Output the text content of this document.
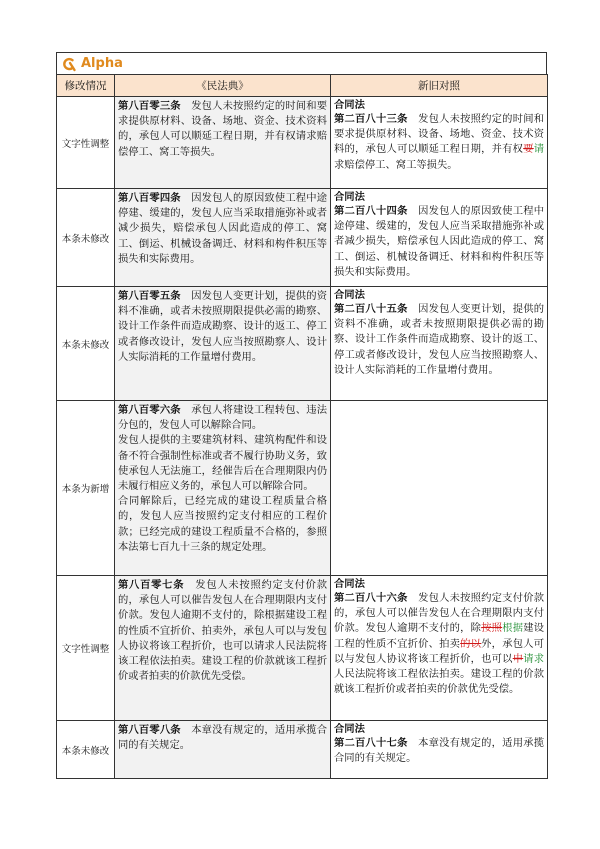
Alpha
修改情况	《民法典》	新旧对照
文字性调整	第八百零三条　 发包人未按照约定的时间和要求提供原材料、设备、场地、资金、技术资料的，承包人可以顺延工程日期，并有权请求赔偿停工、窝工等损失。	合同法
第二百八十三条　 发包人未按照约定的时间和要求提供原材料、设备、场地、资金、技术资料的，承包人可以顺延工程日期，并有权要请求赔偿停工、窝工等损失。

本条未修改	第八百零四条　 因发包人的原因致使工程中途停建、缓建的，发包人应当采取措施弥补或者减少损失，赔偿承包人因此造成的停工、窝工、倒运、机械设备调迁、材料和构件积压等损失和实际费用。	合同法
第二百八十四条　 因发包人的原因致使工程中途停建、缓建的，发包人应当采取措施弥补或者减少损失，赔偿承包人因此造成的停工、窝工、倒运、机械设备调迁、材料和构件积压等损失和实际费用。

本条未修改	第八百零五条　 因发包人变更计划，提供的资料不准确，或者未按照期限提供必需的勘察、设计工作条件而造成勘察、设计的返工、停工或者修改设计，发包人应当按照勘察人、设计人实际消耗的工作量增付费用。	合同法
第二百八十五条　 因发包人变更计划，提供的资料不准确，或者未按照期限提供必需的勘察、设计工作条件而造成勘察、设计的返工、停工或者修改设计，发包人应当按照勘察人、设计人实际消耗的工作量增付费用。

本条为新增	第八百零六条　 承包人将建设工程转包、违法分包的，发包人可以解除合同。
发包人提供的主要建筑材料、建筑构配件和设备不符合强制性标准或者不履行协助义务，致使承包人无法施工，经催告后在合理期限内仍未履行相应义务的，承包人可以解除合同。
合同解除后，已经完成的建设工程质量合格的，发包人应当按照约定支付相应的工程价款；已经完成的建设工程质量不合格的，参照本法第七百九十三条的规定处理。	

文字性调整	第八百零七条　 发包人未按照约定支付价款的，承包人可以催告发包人在合理期限内支付价款。发包人逾期不支付的，除根据建设工程的性质不宜折价、拍卖外，承包人可以与发包人协议将该工程折价，也可以请求人民法院将该工程依法拍卖。建设工程的价款就该工程折价或者拍卖的价款优先受偿。	合同法
第二百八十六条　 发包人未按照约定支付价款的，承包人可以催告发包人在合理期限内支付价款。发包人逾期不支付的，除按照根据建设工程的性质不宜折价、拍卖的以外，承包人可以与发包人协议将该工程折价，也可以申请求人民法院将该工程依法拍卖。建设工程的价款就该工程折价或者拍卖的价款优先受偿。

本条未修改	第八百零八条　 本章没有规定的，适用承揽合同的有关规定。	合同法
第二百八十七条　 本章没有规定的，适用承揽合同的有关规定。
